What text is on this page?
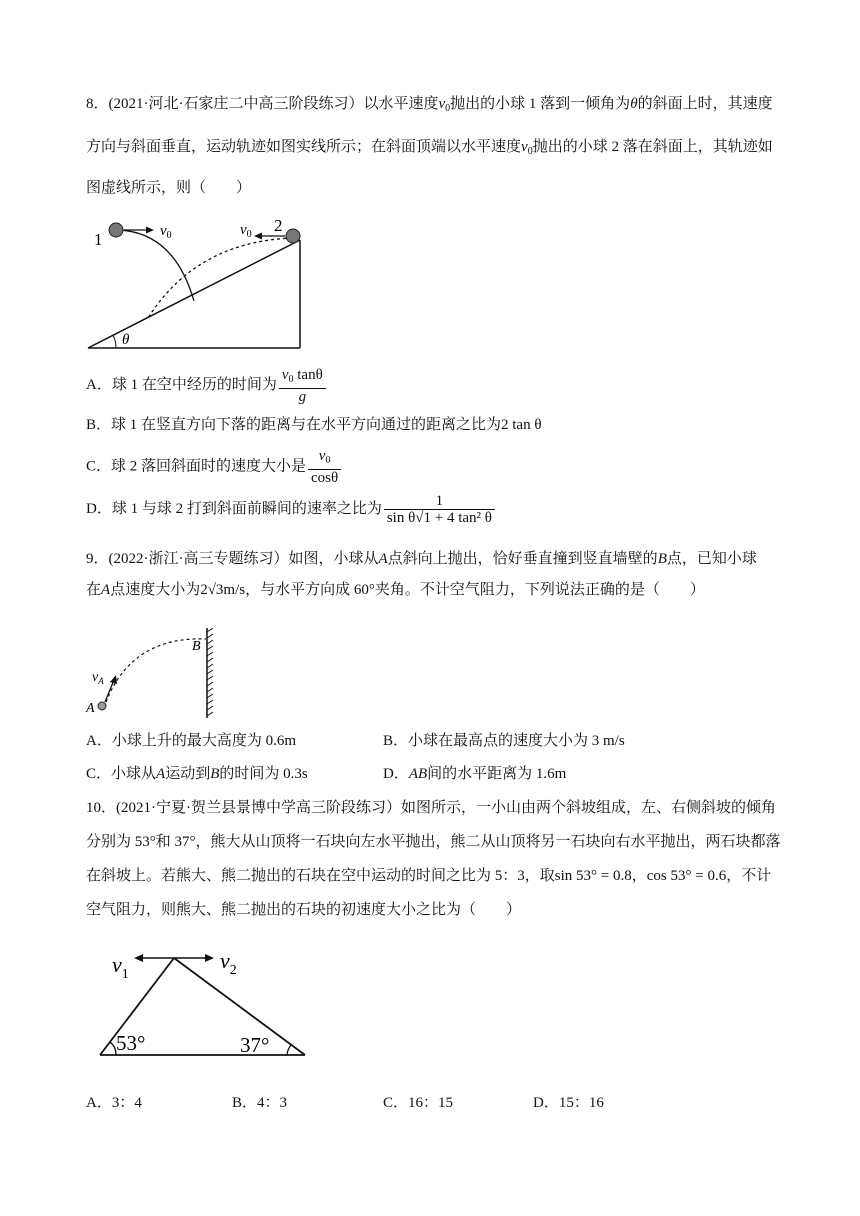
8．(2021·河北·石家庄二中高三阶段练习）以水平速度$v_0$抛出的小球 1 落到一倾角为θ的斜面上时，其速度
方向与斜面垂直，运动轨迹如图实线所示；在斜面顶端以水平速度$v_0$抛出的小球 2 落在斜面上，其轨迹如
图虚线所示，则（　　）
θ
1	$v_0$
2
$v_0$
A．球 1 在空中经历的时间为 $\frac{v_0 \tan\theta}{g}$
B．球 1 在竖直方向下落的距离与在水平方向通过的距离之比为2 tan θ
C．球 2 落回斜面时的速度大小是 $\frac{v_0}{\cos\theta}$
D．球 1 与球 2 打到斜面前瞬间的速率之比为 $\frac{1}{\text{sin θ√1 + 4 tan² θ}}$
9．(2022·浙江·高三专题练习）如图，小球从A点斜向上抛出，恰好垂直撞到竖直墙壁的B点，已知小球
在A点速度大小为2√3m/s，与水平方向成 60°夹角。不计空气阻力，下列说法正确的是（　　）
$v_A$
A
B
A．小球上升的最大高度为 0.6m	B．小球在最高点的速度大小为 3 m/s
C．小球从A运动到B的时间为 0.3s	D．AB间的水平距离为 1.6m
10．(2021·宁夏·贺兰县景博中学高三阶段练习）如图所示，一小山由两个斜坡组成，左、右侧斜坡的倾角
分别为 53°和 37°，熊大从山顶将一石块向左水平抛出，熊二从山顶将另一石块向右水平抛出，两石块都落
在斜坡上。若熊大、熊二抛出的石块在空中运动的时间之比为 5：3，取sin 53° = 0.8，cos 53° = 0.6，不计
空气阻力，则熊大、熊二抛出的石块的初速度大小之比为（　　）
$v_1$
$v_2$
53°	37°
A．3：4	B．4：3	C．16：15	D．15：16
